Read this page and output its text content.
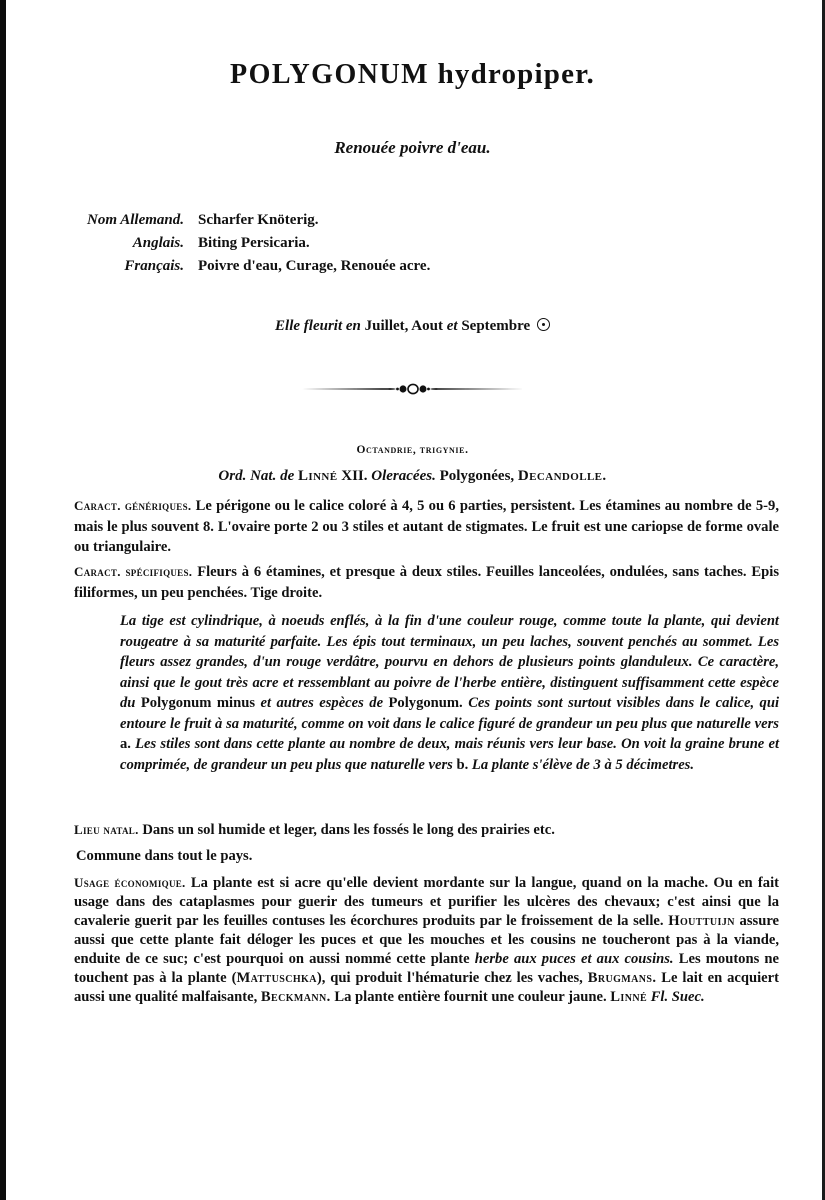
POLYGONUM hydropiper.
Renouée poivre d'eau.
Nom Allemand. Scharfer Knöterig.
Anglais. Biting Persicaria.
Français. Poivre d'eau, Curage, Renouée acre.
Elle fleurit en Juillet, Aout et Septembre
Octandrie, trigynie.
Ord. Nat. de Linné XII. Oleracées. Polygonées, Decandolle.
Caract. génériques. Le périgone ou le calice coloré à 4, 5 ou 6 parties, persistent. Les étamines au nombre de 5-9, mais le plus souvent 8. L'ovaire porte 2 ou 3 stiles et autant de stigmates. Le fruit est une cariopse de forme ovale ou triangulaire.
Caract. spécifiques. Fleurs à 6 étamines, et presque à deux stiles. Feuilles lanceolées, ondulées, sans taches. Epis filiformes, un peu penchées. Tige droite.
La tige est cylindrique, à noeuds enflés, à la fin d'une couleur rouge, comme toute la plante, qui devient rougeatre à sa maturité parfaite. Les épis tout terminaux, un peu laches, souvent penchés au sommet. Les fleurs assez grandes, d'un rouge verdâtre, pourvu en dehors de plusieurs points glanduleux. Ce caractère, ainsi que le gout très acre et ressemblant au poivre de l'herbe entière, distinguent suffisamment cette espèce du Polygonum minus et autres espèces de Polygonum. Ces points sont surtout visibles dans le calice, qui entoure le fruit à sa maturité, comme on voit dans le calice figuré de grandeur un peu plus que naturelle vers a. Les stiles sont dans cette plante au nombre de deux, mais réunis vers leur base. On voit la graine brune et comprimée, de grandeur un peu plus que naturelle vers b. La plante s'élève de 3 à 5 décimetres.
Lieu natal. Dans un sol humide et leger, dans les fossés le long des prairies etc.
Commune dans tout le pays.
Usage économique. La plante est si acre qu'elle devient mordante sur la langue, quand on la mache. Ou en fait usage dans des cataplasmes pour guerir des tumeurs et purifier les ulcères des chevaux; c'est ainsi que la cavalerie guerit par les feuilles contuses les écorchures produits par le froissement de la selle. Houttuijn assure aussi que cette plante fait déloger les puces et que les mouches et les cousins ne toucheront pas à la viande, enduite de ce suc; c'est pourquoi on aussi nommé cette plante herbe aux puces et aux cousins. Les moutons ne touchent pas à la plante (Mattuschka), qui produit l'hématurie chez les vaches, Brugmans. Le lait en acquiert aussi une qualité malfaisante, Beckmann. La plante entière fournit une couleur jaune. Linné Fl. Suec.
